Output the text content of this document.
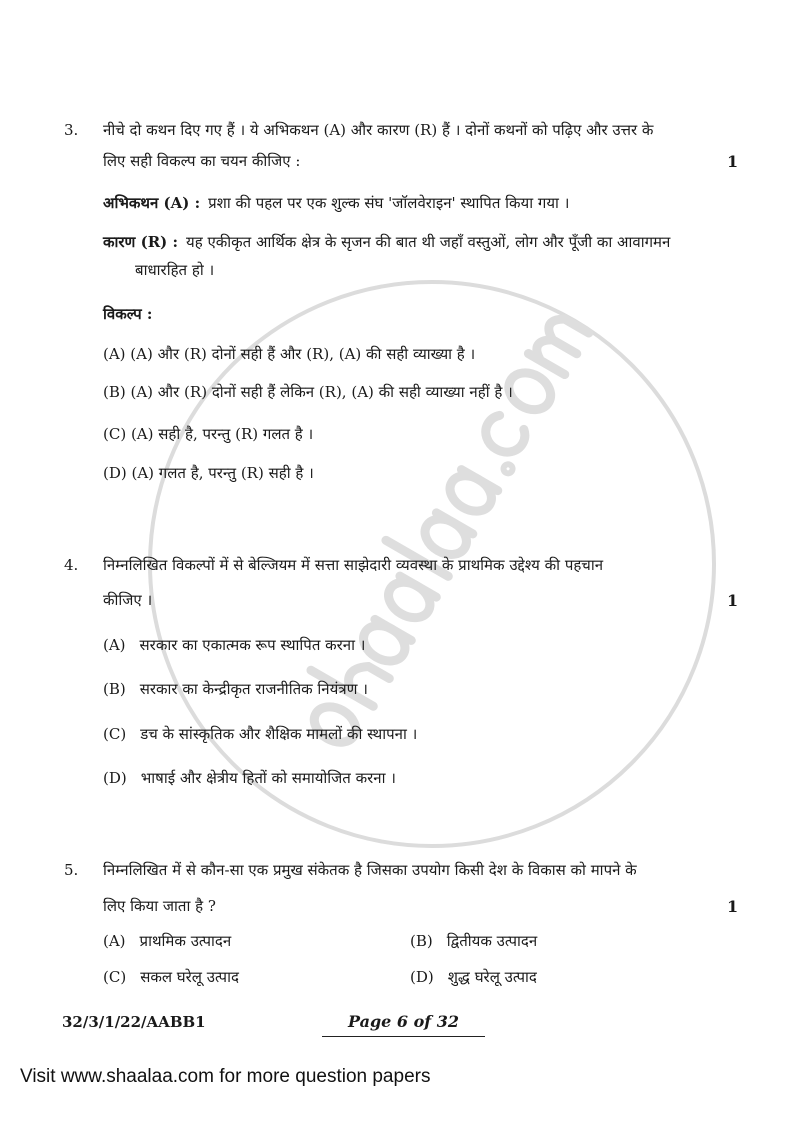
3. नीचे दो कथन दिए गए हैं । ये अभिकथन (A) और कारण (R) हैं । दोनों कथनों को पढ़िए और उत्तर के
लिए सही विकल्प का चयन कीजिए :	1
अभिकथन (A) : प्रशा की पहल पर एक शुल्क संघ 'जॉलवेराइन' स्थापित किया गया ।
कारण (R) : यह एकीकृत आर्थिक क्षेत्र के सृजन की बात थी जहाँ वस्तुओं, लोग और पूँजी का आवागमन
बाधारहित हो ।
विकल्प :
(A) (A) और (R) दोनों सही हैं और (R), (A) की सही व्याख्या है ।
(B) (A) और (R) दोनों सही हैं लेकिन (R), (A) की सही व्याख्या नहीं है ।
(C) (A) सही है, परन्तु (R) गलत है ।
(D) (A) गलत है, परन्तु (R) सही है ।
4. निम्नलिखित विकल्पों में से बेल्जियम में सत्ता साझेदारी व्यवस्था के प्राथमिक उद्देश्य की पहचान
कीजिए ।	1
(A) सरकार का एकात्मक रूप स्थापित करना ।
(B) सरकार का केन्द्रीकृत राजनीतिक नियंत्रण ।
(C) डच के सांस्कृतिक और शैक्षिक मामलों की स्थापना ।
(D) भाषाई और क्षेत्रीय हितों को समायोजित करना ।
5. निम्नलिखित में से कौन-सा एक प्रमुख संकेतक है जिसका उपयोग किसी देश के विकास को मापने के
लिए किया जाता है ?	1
(A) प्राथमिक उत्पादन	(B) द्वितीयक उत्पादन
(C) सकल घरेलू उत्पाद	(D) शुद्ध घरेलू उत्पाद
32/3/1/22/AABB1	Page 6 of 32
Visit www.shaalaa.com for more question papers
